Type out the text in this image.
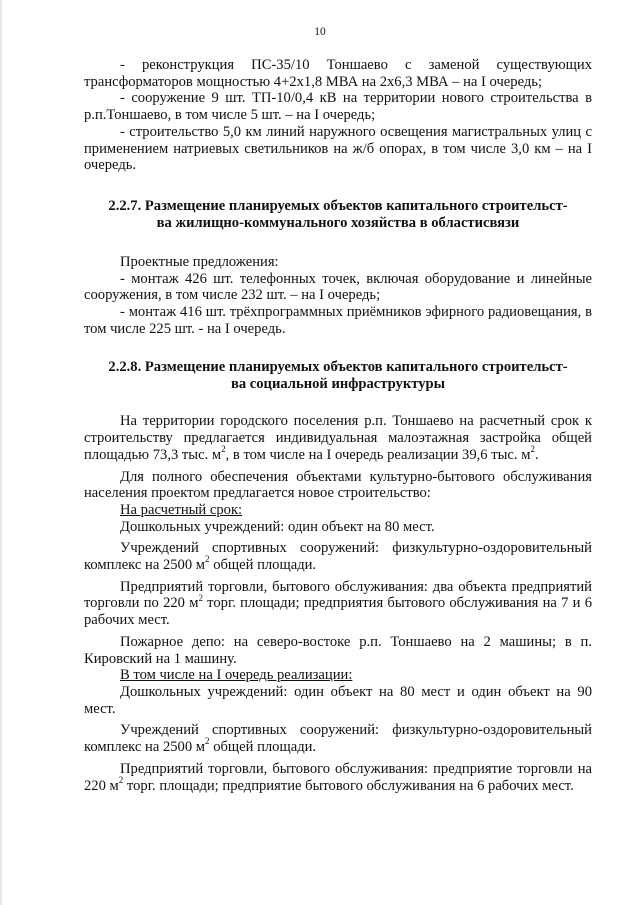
10

- реконструкция ПС-35/10 Тоншаево с заменой существующих трансформаторов мощностью 4+2х1,8 МВА на 2х6,3 МВА – на I очередь;

- сооружение 9 шт. ТП-10/0,4 кВ на территории нового строительства в р.п.Тоншаево, в том числе 5 шт. – на I очередь;

- строительство 5,0 км линий наружного освещения магистральных улиц с применением натриевых светильников на ж/б опорах, в том числе 3,0 км – на I очередь.

2.2.7. Размещение планируемых объектов капитального строительст-
ва жилищно-коммунального хозяйства в областисвязи

Проектные предложения:

- монтаж 426 шт. телефонных точек, включая оборудование и линейные сооружения, в том числе 232 шт. – на I очередь;

- монтаж 416 шт. трёхпрограммных приёмников эфирного радиовещания, в том числе 225 шт. - на I очередь.

2.2.8. Размещение планируемых объектов капитального строительст-
ва социальной инфраструктуры

На территории городского поселения р.п. Тоншаево на расчетный срок к строительству предлагается индивидуальная малоэтажная застройка общей площадью 73,3 тыс. $м^2$, в том числе на I очередь реализации 39,6 тыс. $м^2$.

Для полного обеспечения объектами культурно-бытового обслуживания населения проектом предлагается новое строительство:

На расчетный срок:

Дошкольных учреждений: один объект на 80 мест.

Учреждений спортивных сооружений: физкультурно-оздоровительный комплекс на 2500 $м^2$ общей площади.

Предприятий торговли, бытового обслуживания: два объекта предприятий торговли по 220 $м^2$ торг. площади; предприятия бытового обслуживания на 7 и 6 рабочих мест.

Пожарное депо: на северо-востоке р.п. Тоншаево на 2 машины; в п. Кировский на 1 машину.

В том числе на I очередь реализации:

Дошкольных учреждений: один объект на 80 мест и один объект на 90 мест.

Учреждений спортивных сооружений: физкультурно-оздоровительный комплекс на 2500 $м^2$ общей площади.

Предприятий торговли, бытового обслуживания: предприятие торговли на 220 $м^2$ торг. площади; предприятие бытового обслуживания на 6 рабочих мест.
